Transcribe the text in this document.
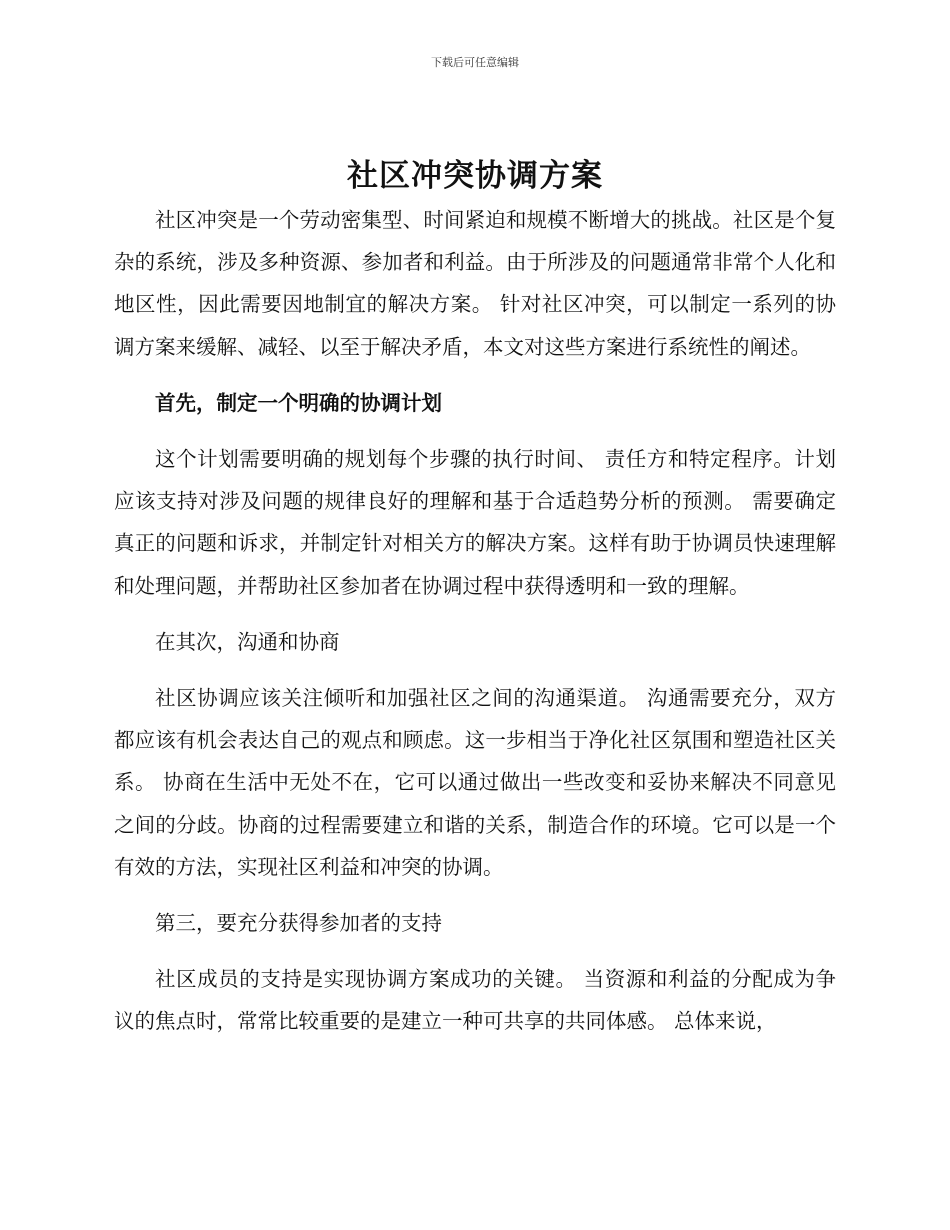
下载后可任意编辑
社区冲突协调方案

社区冲突是一个劳动密集型、时间紧迫和规模不断增大的挑战。社区是个复杂的系统，涉及多种资源、参加者和利益。由于所涉及的问题通常非常个人化和地区性，因此需要因地制宜的解决方案。 针对社区冲突，可以制定一系列的协调方案来缓解、减轻、以至于解决矛盾，本文对这些方案进行系统性的阐述。

首先，制定一个明确的协调计划

这个计划需要明确的规划每个步骤的执行时间、 责任方和特定程序。计划应该支持对涉及问题的规律良好的理解和基于合适趋势分析的预测。 需要确定真正的问题和诉求，并制定针对相关方的解决方案。这样有助于协调员快速理解和处理问题，并帮助社区参加者在协调过程中获得透明和一致的理解。

在其次，沟通和协商

社区协调应该关注倾听和加强社区之间的沟通渠道。 沟通需要充分，双方都应该有机会表达自己的观点和顾虑。这一步相当于净化社区氛围和塑造社区关系。 协商在生活中无处不在，它可以通过做出一些改变和妥协来解决不同意见之间的分歧。协商的过程需要建立和谐的关系，制造合作的环境。它可以是一个有效的方法，实现社区利益和冲突的协调。

第三，要充分获得参加者的支持

社区成员的支持是实现协调方案成功的关键。 当资源和利益的分配成为争议的焦点时，常常比较重要的是建立一种可共享的共同体感。 总体来说，
